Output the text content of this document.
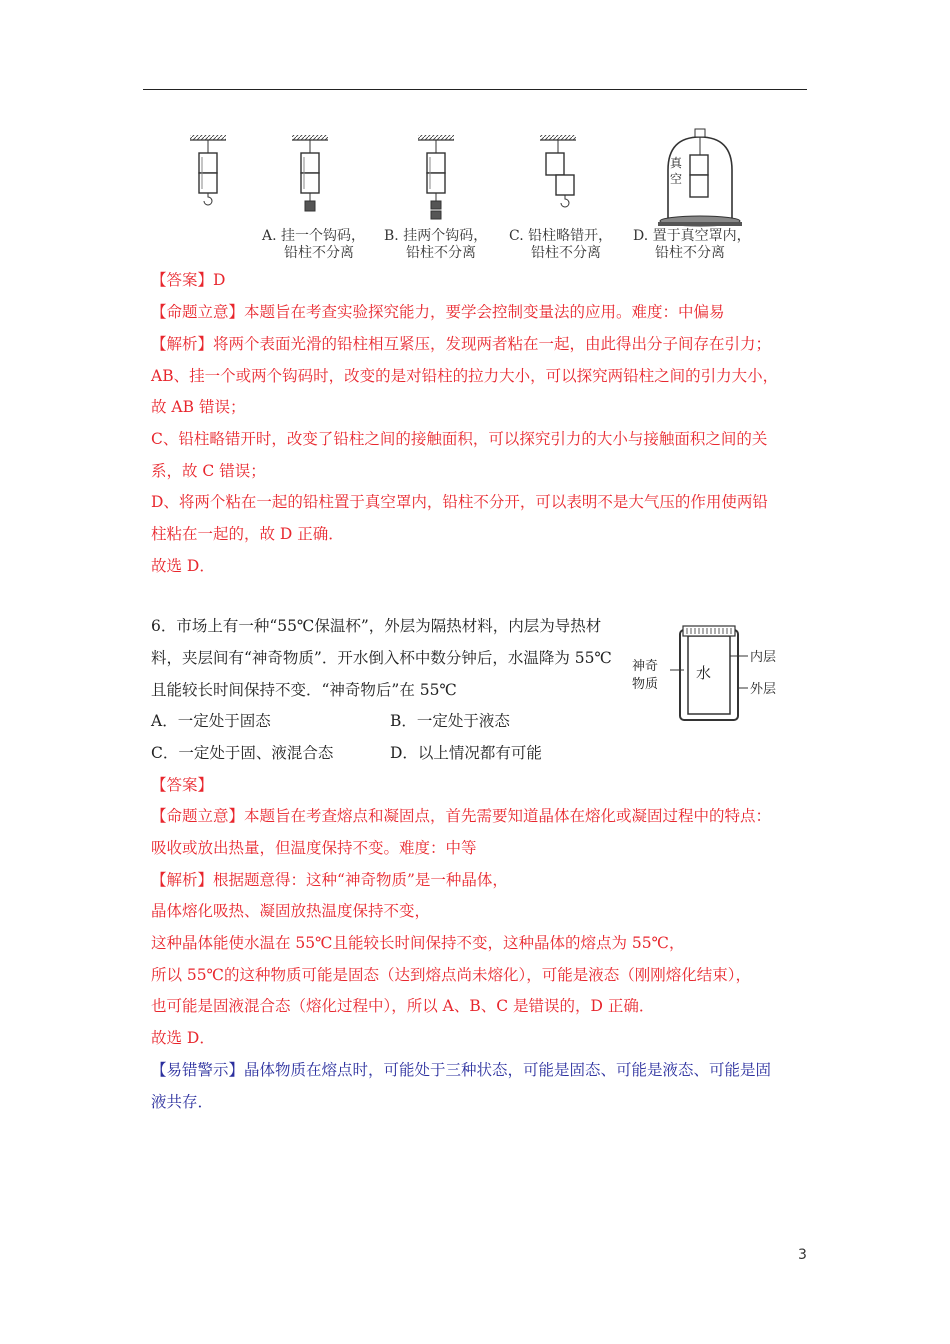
真
空
A. 挂一个钩码，
铅柱不分离
B. 挂两个钩码，
铅柱不分离
C. 铅柱略错开，
铅柱不分离
D. 置于真空罩内，
铅柱不分离
【答案】D
【命题立意】本题旨在考查实验探究能力，要学会控制变量法的应用。难度：中偏易
【解析】将两个表面光滑的铅柱相互紧压，发现两者粘在一起，由此得出分子间存在引力；
AB、挂一个或两个钩码时，改变的是对铅柱的拉力大小，可以探究两铅柱之间的引力大小，
故 AB 错误；
C、铅柱略错开时，改变了铅柱之间的接触面积，可以探究引力的大小与接触面积之间的关
系，故 C 错误；
D、将两个粘在一起的铅柱置于真空罩内，铅柱不分开，可以表明不是大气压的作用使两铅
柱粘在一起的，故 D 正确．
故选 D．
6．市场上有一种“55℃保温杯”，外层为隔热材料，内层为导热材
料，夹层间有“神奇物质”．开水倒入杯中数分钟后，水温降为 55℃
且能较长时间保持不变．“神奇物后”在 55℃
A．一定处于固态	B．一定处于液态
C．一定处于固、液混合态	D．以上情况都有可能
水
神奇
物质
内层
外层
【答案】
【命题立意】本题旨在考查熔点和凝固点，首先需要知道晶体在熔化或凝固过程中的特点：
吸收或放出热量，但温度保持不变。难度：中等
【解析】根据题意得：这种“神奇物质”是一种晶体，
晶体熔化吸热、凝固放热温度保持不变，
这种晶体能使水温在 55℃且能较长时间保持不变，这种晶体的熔点为 55℃，
所以 55℃的这种物质可能是固态（达到熔点尚未熔化），可能是液态（刚刚熔化结束），
也可能是固液混合态（熔化过程中），所以 A、B、C 是错误的，D 正确．
故选 D．
【易错警示】晶体物质在熔点时，可能处于三种状态，可能是固态、可能是液态、可能是固
液共存．
3
